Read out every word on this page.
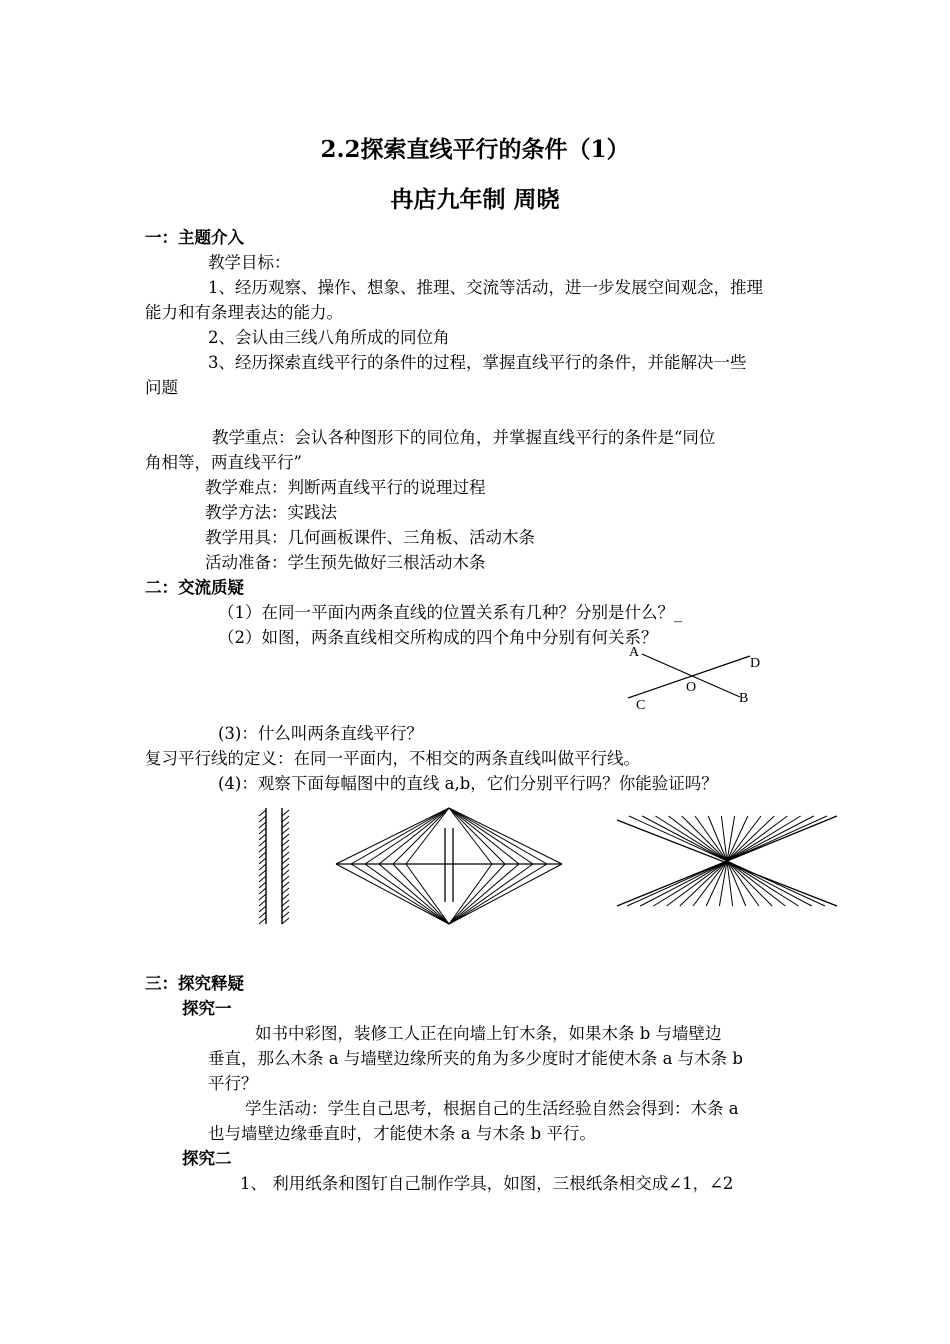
2.2探索直线平行的条件（1）
冉店九年制 周晓
一：主题介入
教学目标：
1、经历观察、操作、想象、推理、交流等活动，进一步发展空间观念，推理
能力和有条理表达的能力。
2、会认由三线八角所成的同位角
3、经历探索直线平行的条件的过程，掌握直线平行的条件，并能解决一些
问题
教学重点：会认各种图形下的同位角，并掌握直线平行的条件是“同位
角相等，两直线平行”
教学难点：判断两直线平行的说理过程
教学方法：实践法
教学用具：几何画板课件、三角板、活动木条
活动准备：学生预先做好三根活动木条
二：交流质疑
（1）在同一平面内两条直线的位置关系有几种？分别是什么？_
（2）如图，两条直线相交所构成的四个角中分别有何关系？
A
D
O
C	B
(3)：什么叫两条直线平行？
复习平行线的定义：在同一平面内，不相交的两条直线叫做平行线。
(4)：观察下面每幅图中的直线 a,b，它们分别平行吗？你能验证吗？
三：探究释疑
探究一
如书中彩图，装修工人正在向墙上钉木条，如果木条 b 与墙壁边
垂直，那么木条 a 与墙壁边缘所夹的角为多少度时才能使木条 a 与木条 b
平行？
学生活动：学生自己思考，根据自己的生活经验自然会得到：木条 a
也与墙壁边缘垂直时，才能使木条 a 与木条 b 平行。
探究二
1、 利用纸条和图钉自己制作学具，如图，三根纸条相交成∠1，∠2
